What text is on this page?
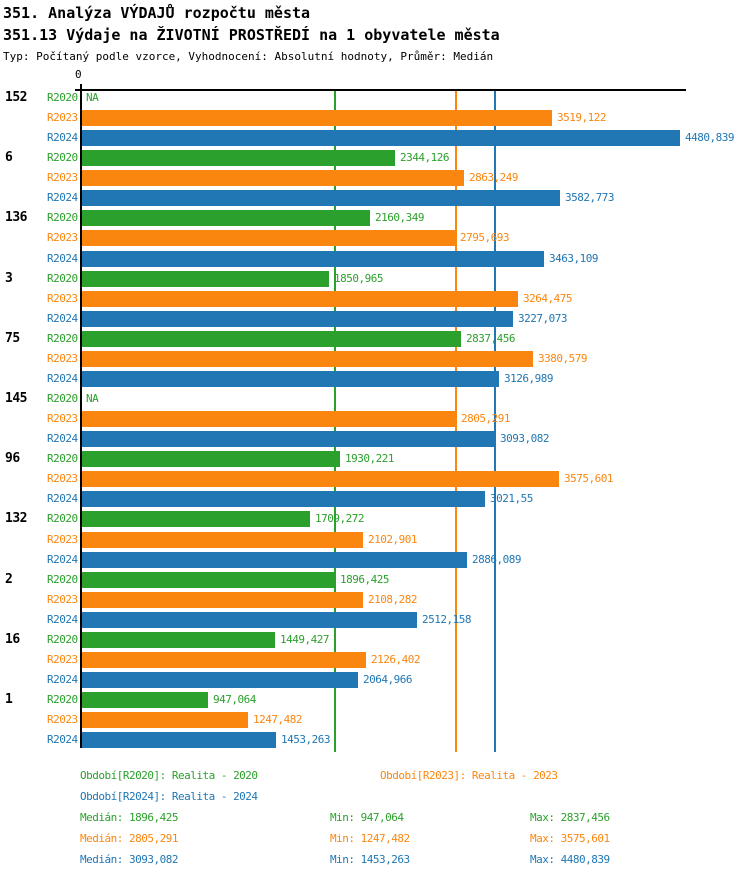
351. Analýza VÝDAJŮ rozpočtu města
351.13 Výdaje na ŽIVOTNÍ PROSTŘEDÍ na 1 obyvatele města
Typ: Počítaný podle vzorce, Vyhodnocení: Absolutní hodnoty, Průměr: Medián
0
152 R2020 NA
R2023	3519,122
R2024	4480,839
6	R2020	2344,126
R2023	2863,249
R2024	3582,773
136 R2020	2160,349
R2023	2795,693
R2024	3463,109
3	R2020	1850,965
R2023	3264,475
R2024	3227,073
75 R2020	2837,456
R2023	3380,579
R2024	3126,989
145 R2020 NA
R2023	2805,291
R2024	3093,082
96 R2020	1930,221
R2023	3575,601
R2024	3021,55
132 R2020	1709,272
R2023	2102,901
R2024	2886,089
2	R2020	1896,425
R2023	2108,282
R2024	2512,158
16 R2020	1449,427
R2023	2126,402
R2024	2064,966
1	R2020	947,064
R2023	1247,482
R2024	1453,263
Období[R2020]: Realita - 2020	Období[R2023]: Realita - 2023
Období[R2024]: Realita - 2024
Medián: 1896,425	Min: 947,064	Max: 2837,456
Medián: 2805,291	Min: 1247,482	Max: 3575,601
Medián: 3093,082	Min: 1453,263	Max: 4480,839
